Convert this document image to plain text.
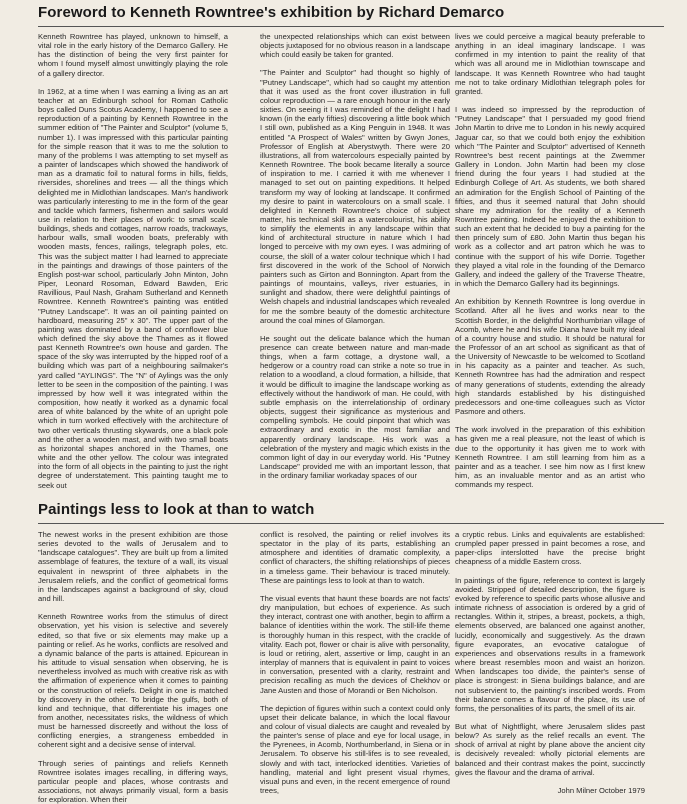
Foreword to Kenneth Rowntree's exhibition by Richard Demarco

Kenneth Rowntree has played, unknown to himself, a vital role in the early history of the Demarco Gallery. He has the distinction of being the very first painter for whom I found myself almost unwittingly playing the role of a gallery director.

In 1962, at a time when I was earning a living as an art teacher at an Edinburgh school for Roman Catholic boys called Duns Scotus Academy, I happened to see a reproduction of a painting by Kenneth Rowntree in the summer edition of "The Painter and Sculptor" (volume 5, number 1). I was impressed with this particular painting for the simple reason that it was to me the solution to many of the problems I was attempting to set myself as a painter of landscapes which showed the handiwork of man as a dramatic foil to natural forms in hills, fields, riversides, shorelines and trees — all the things which delighted me in Midlothian landscapes. Man's handiwork was particularly interesting to me in the form of the gear and tackle which farmers, fishermen and sailors would use in relation to their places of work: to small scale buildings, sheds and cottages, narrow roads, trackways, harbour walls, small wooden boats, preferably with wooden masts, fences, railings, telegraph poles, etc. This was the subject matter I had learned to appreciate in the paintings and drawings of those painters of the English post-war school, particularly John Minton, John Piper, Leonard Rosoman, Edward Bawden, Eric Ravillious, Paul Nash, Graham Sutherland and Kenneth Rowntree. Kenneth Rowntree's painting was entitled "Putney Landscape". It was an oil painting painted on hardboard, measuring 25" x 30". The upper part of the painting was dominated by a band of cornflower blue which defined the sky above the Thames as it flowed past Kenneth Rowntree's own house and garden. The space of the sky was interrupted by the hipped roof of a building which was part of a neighbouring sailmaker's yard called "AYLINGS". The "N" of Aylings was the only letter to be seen in the composition of the painting. I was impressed by how well it was integrated within the composition, how neatly it worked as a dynamic focal area of white balanced by the white of an upright pole which in turn worked effectively with the architecture of two other verticals thrusting skywards, one a black pole and the other a wooden mast, and with two small boats as horizontal shapes anchored in the Thames, one white and the other yellow. The colour was integrated into the form of all objects in the painting to just the right degree of understatement. This painting taught me to seek out

the unexpected relationships which can exist between objects juxtaposed for no obvious reason in a landscape which could easily be taken for granted.

"The Painter and Sculptor" had thought so highly of "Putney Landscape", which had so caught my attention that it was used as the front cover illustration in full colour reproduction — a rare enough honour in the early sixties. On seeing it I was reminded of the delight I had known (in the early fifties) discovering a little book which I still own, published as a King Penguin in 1948. It was entitled "A Prospect of Wales" written by Gwyn Jones, Professor of English at Aberystwyth. There were 20 illustrations, all from watercolours especially painted by Kenneth Rowntree. The book became literally a source of inspiration to me. I carried it with me whenever I managed to set out on painting expeditions. It helped transform my way of looking at landscape. It confirmed my desire to paint in watercolours on a small scale. I delighted in Kenneth Rowntree's choice of subject matter, his technical skill as a watercolourist, his ability to simplify the elements in any landscape within that kind of architectural structure in nature which I had longed to perceive with my own eyes. I was admiring of course, the skill of a water colour technique which I had first discovered in the work of the School of Norwich painters such as Girton and Bonnington. Apart from the paintings of mountains, valleys, river estuaries, in sunlight and shadow, there were delightful paintings of Welsh chapels and industrial landscapes which revealed for me the sombre beauty of the domestic architecture around the coal mines of Glamorgan.

He sought out the delicate balance which the human presence can create between nature and man-made things, when a farm cottage, a drystone wall, a hedgerow or a country road can strike a note so true in relation to a woodland, a cloud formation, a hillside, that it would be difficult to imagine the landscape working as effectively without the handiwork of man. He could, with subtle emphasis on the interrelationship of ordinary objects, suggest their significance as mysterious and compelling symbols. He could pinpoint that which was extraordinary and exotic in the most familiar and apparently ordinary landscape. His work was a celebration of the mystery and magic which exists in the common light of day in our everyday world. His "Putney Landscape" provided me with an important lesson, that in the ordinary familiar workaday spaces of our

lives we could perceive a magical beauty preferable to anything in an ideal imaginary landscape. I was confirmed in my intention to paint the reality of that which was all around me in Midlothian townscape and landscape. It was Kenneth Rowntree who had taught me not to take ordinary Midlothian telegraph poles for granted.

I was indeed so impressed by the reproduction of "Putney Landscape" that I persuaded my good friend John Martin to drive me to London in his newly acquired Jaguar car, so that we could both enjoy the exhibition which "The Painter and Sculptor" advertised of Kenneth Rowntree's best recent paintings at the Zwemmer Gallery in London. John Martin had been my close friend during the four years I had studied at the Edinburgh College of Art. As students, we both shared an admiration for the English School of Painting of the fifties, and thus it seemed natural that John should share my admiration for the reality of a Kenneth Rowntree painting. Indeed he enjoyed the exhibition to such an extent that he decided to buy a painting for the then princely sum of £80. John Martin thus began his work as a collector and art patron which he was to continue with the support of his wife Dorrie. Together they played a vital role in the founding of the Demarco Gallery, and indeed the gallery of the Traverse Theatre, in which the Demarco Gallery had its beginnings.

An exhibition by Kenneth Rowntree is long overdue in Scotland. After all he lives and works near to the Scottish Border, in the delightful Northumbrian village of Acomb, where he and his wife Diana have built my ideal of a country house and studio. It should be natural for the Professor of an art school as significant as that of the University of Newcastle to be welcomed to Scotland in his capacity as a painter and teacher. As such, Kenneth Rowntree has had the admiration and respect of many generations of students, extending the already high standards established by his distinguished predecessors and one-time colleagues such as Victor Pasmore and others.

The work involved in the preparation of this exhibition has given me a real pleasure, not the least of which is due to the opportunity it has given me to work with Kenneth Rowntree. I am still learning from him as a painter and as a teacher. I see him now as I first knew him, as an invaluable mentor and as an artist who commands my respect.

Paintings less to look at than to watch

The newest works in the present exhibition are those series devoted to the walls of Jerusalem and to "landscape catalogues". They are built up from a limited assemblage of features, the texture of a wall, its visual equivalent in newsprint of three alphabets in the Jerusalem reliefs, and the conflict of geometrical forms in the landscapes against a background of sky, cloud and hill.

Kenneth Rowntree works from the stimulus of direct observation, yet his vision is selective and severely edited, so that five or six elements may make up a painting or relief. As he works, conflicts are resolved and a dynamic balance of the parts is attained. Epicurean in his attitude to visual sensation when observing, he is nevertheless involved as much with creative risk as with the affirmation of experience when it comes to painting or the construction of reliefs. Delight in one is matched by discovery in the other. To bridge the gulfs, both of kind and technique, that differentiate his images one from another, necessitates risks, the wildness of which must be harnessed discreetly and without the loss of conflicting energies, a strangeness embedded in coherent sight and a decisive sense of interval.

Through series of paintings and reliefs Kenneth Rowntree isolates images recalling, in differing ways, particular people and places, whose contrasts and associations, not always primarily visual, form a basis for exploration. When their

conflict is resolved, the painting or relief involves its spectator in the play of its parts, establishing an atmosphere and identities of dramatic complexity, a conflict of characters, the shifting relationships of pieces in a timeless game. Their behaviour is traced minutely. These are paintings less to look at than to watch.

The visual events that haunt these boards are not facts' dry manipulation, but echoes of experience. As such they interact, contrast one with another, begin to affirm a balance of identities within the work. The still-life theme is thoroughly human in this respect, with the crackle of vitality. Each pot, flower or chair is alive with personality, is loud or retiring, alert, assertive or limp, caught in an interplay of manners that is equivalent in paint to voices in conversation, presented with a clarity, restraint and precision recalling as much the devices of Chekhov or Jane Austen and those of Morandi or Ben Nicholson.

The depiction of figures within such a context could only upset their delicate balance, in which the local flavour and colour of visual dialects are caught and revealed by the painter's sense of place and eye for local usage, in the Pyrenees, in Acomb, Northumberland, in Siena or in Jerusalem. To observe his still-lifes is to see revealed, slowly and with tact, interlocked identities. Varieties of handling, material and light present visual rhymes, visual puns and even, in the recent emergence of round trees,

a cryptic rebus. Links and equivalents are established: crumpled paper pressed in paint becomes a rose, and paper-clips interslotted have the precise bright cheapness of a middle Eastern cross.

In paintings of the figure, reference to context is largely avoided. Stripped of detailed description, the figure is evoked by reference to specific parts whose allusive and intimate richness of association is ordered by a grid of rectangles. Within it, stripes, a breast, pockets, a thigh, elements observed, are balanced one against another, lucidly, economically and suggestively. As the drawn figure evaporates, an evocative catalogue of experiences and observations results in a framework where breast resembles moon and waist an horizon. When landscapes too divide, the painter's sense of place is strongest: in Siena buildings balance, and are not subservient to, the painting's inscribed words. From their balance comes a flavour of the place, its use of forms, the personalities of its parts, the smell of its air.

But what of Nightflight, where Jerusalem slides past below? As surely as the relief recalls an event. The shock of arrival at night by plane above the ancient city is decisively revealed: wholly pictorial elements are balanced and their contrast makes the point, succinctly gives the flavour and the drama of arrival.

John Milner October 1979
